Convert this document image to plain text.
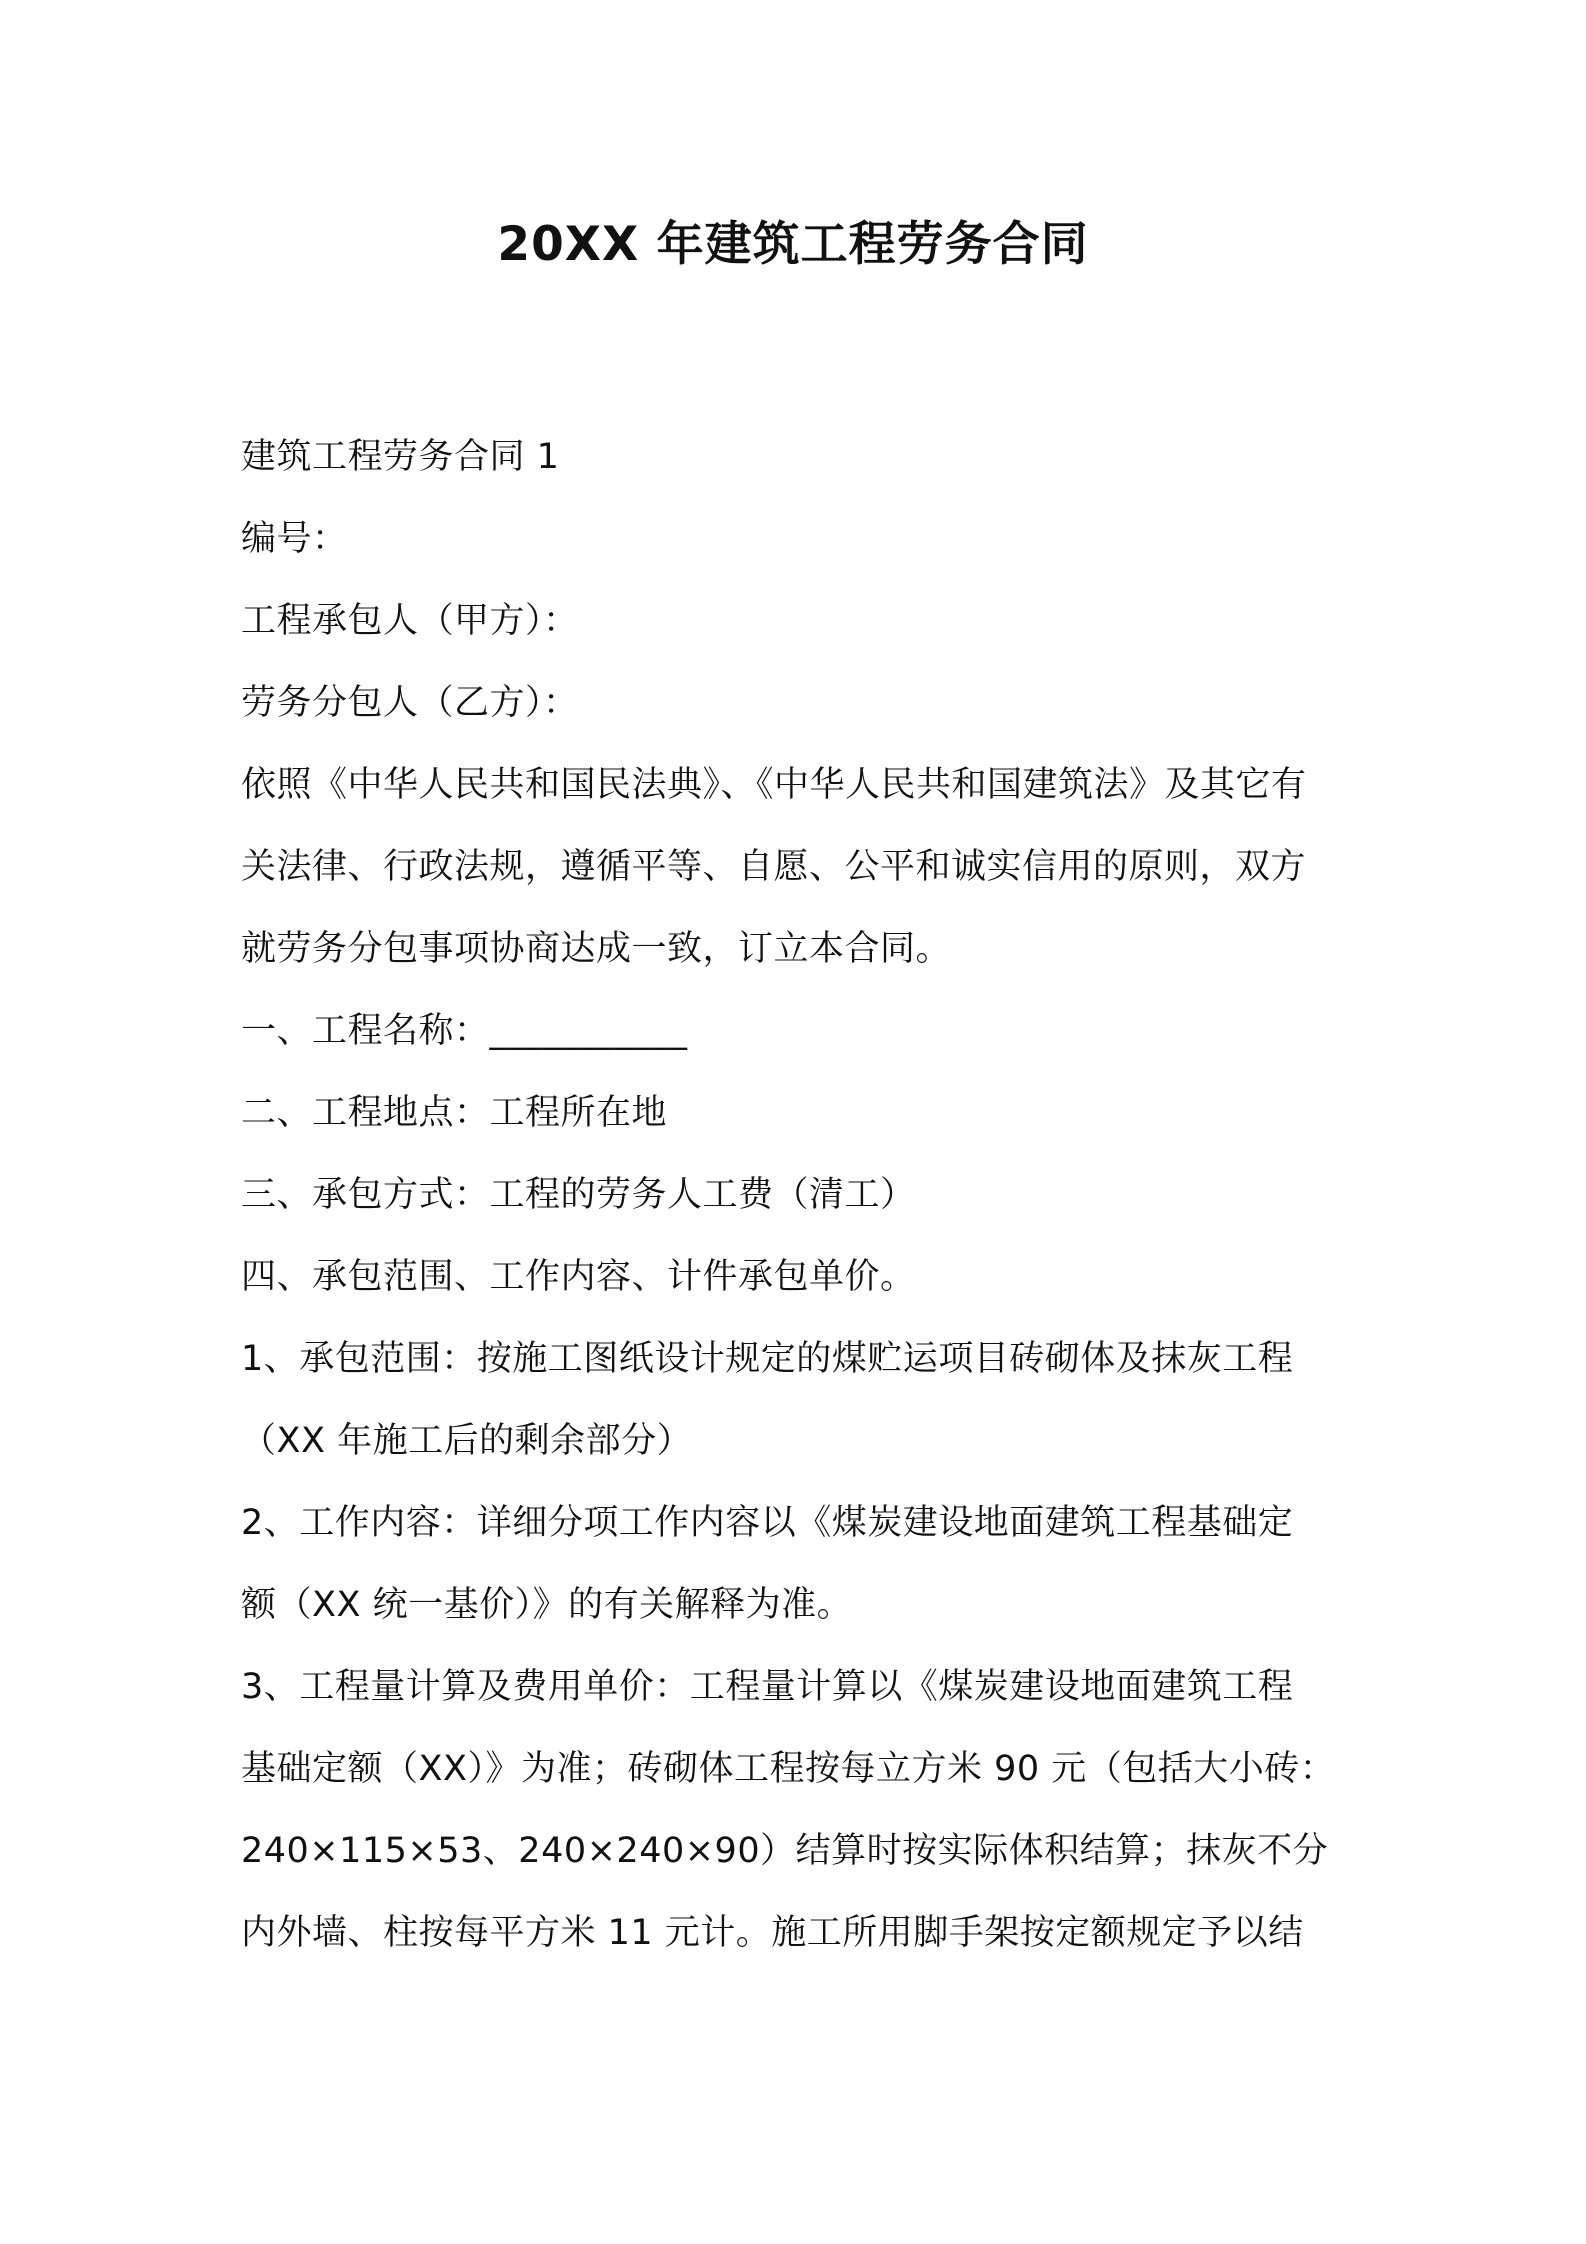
20XX 年建筑工程劳务合同
建筑工程劳务合同 1
编号：
工程承包人（甲方）：
劳务分包人（乙方）：
依照《中华人民共和国民法典》、《中华人民共和国建筑法》及其它有
关法律、行政法规，遵循平等、自愿、公平和诚实信用的原则，双方
就劳务分包事项协商达成一致，订立本合同。
一、工程名称：___________
二、工程地点：工程所在地
三、承包方式：工程的劳务人工费（清工）
四、承包范围、工作内容、计件承包单价。
1、承包范围：按施工图纸设计规定的煤贮运项目砖砌体及抹灰工程
（XX 年施工后的剩余部分）
2、工作内容：详细分项工作内容以《煤炭建设地面建筑工程基础定
额（XX 统一基价）》的有关解释为准。
3、工程量计算及费用单价：工程量计算以《煤炭建设地面建筑工程
基础定额（XX）》为准；砖砌体工程按每立方米 90 元（包括大小砖：
240×115×53、240×240×90）结算时按实际体积结算；抹灰不分
内外墙、柱按每平方米 11 元计。施工所用脚手架按定额规定予以结
